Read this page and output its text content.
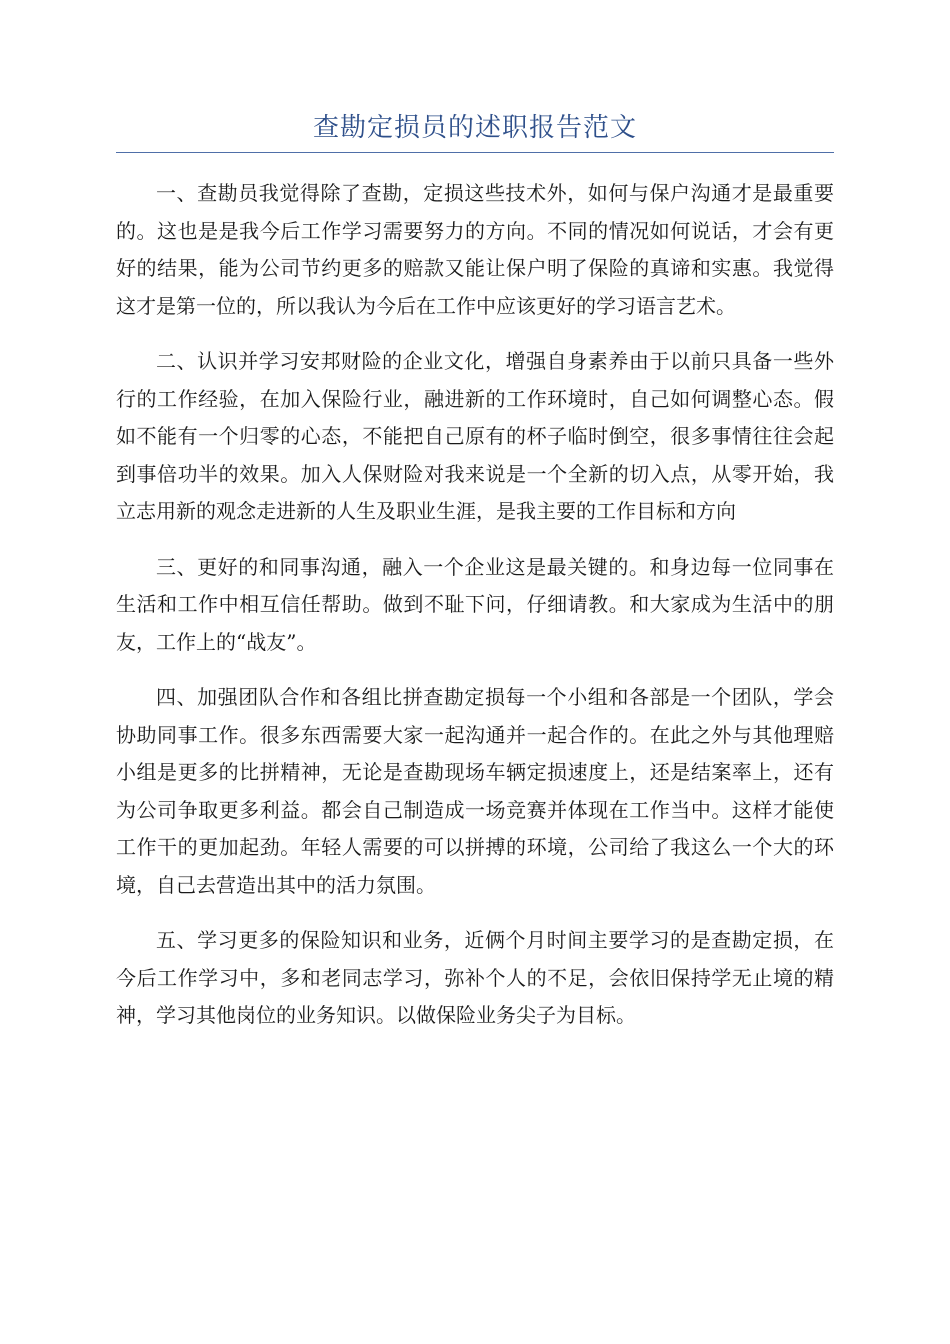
查勘定损员的述职报告范文

一、查勘员我觉得除了查勘，定损这些技术外，如何与保户沟通才是最重要的。这也是是我今后工作学习需要努力的方向。不同的情况如何说话，才会有更好的结果，能为公司节约更多的赔款又能让保户明了保险的真谛和实惠。我觉得这才是第一位的，所以我认为今后在工作中应该更好的学习语言艺术。

二、认识并学习安邦财险的企业文化，增强自身素养由于以前只具备一些外行的工作经验，在加入保险行业，融进新的工作环境时，自己如何调整心态。假如不能有一个归零的心态，不能把自己原有的杯子临时倒空，很多事情往往会起到事倍功半的效果。加入人保财险对我来说是一个全新的切入点，从零开始，我立志用新的观念走进新的人生及职业生涯，是我主要的工作目标和方向

三、更好的和同事沟通，融入一个企业这是最关键的。和身边每一位同事在生活和工作中相互信任帮助。做到不耻下问，仔细请教。和大家成为生活中的朋友，工作上的“战友”。

四、加强团队合作和各组比拼查勘定损每一个小组和各部是一个团队，学会协助同事工作。很多东西需要大家一起沟通并一起合作的。在此之外与其他理赔小组是更多的比拼精神，无论是查勘现场车辆定损速度上，还是结案率上，还有为公司争取更多利益。都会自己制造成一场竞赛并体现在工作当中。这样才能使工作干的更加起劲。年轻人需要的可以拼搏的环境，公司给了我这么一个大的环境，自己去营造出其中的活力氛围。

五、学习更多的保险知识和业务，近俩个月时间主要学习的是查勘定损，在今后工作学习中，多和老同志学习，弥补个人的不足，会依旧保持学无止境的精神，学习其他岗位的业务知识。以做保险业务尖子为目标。
